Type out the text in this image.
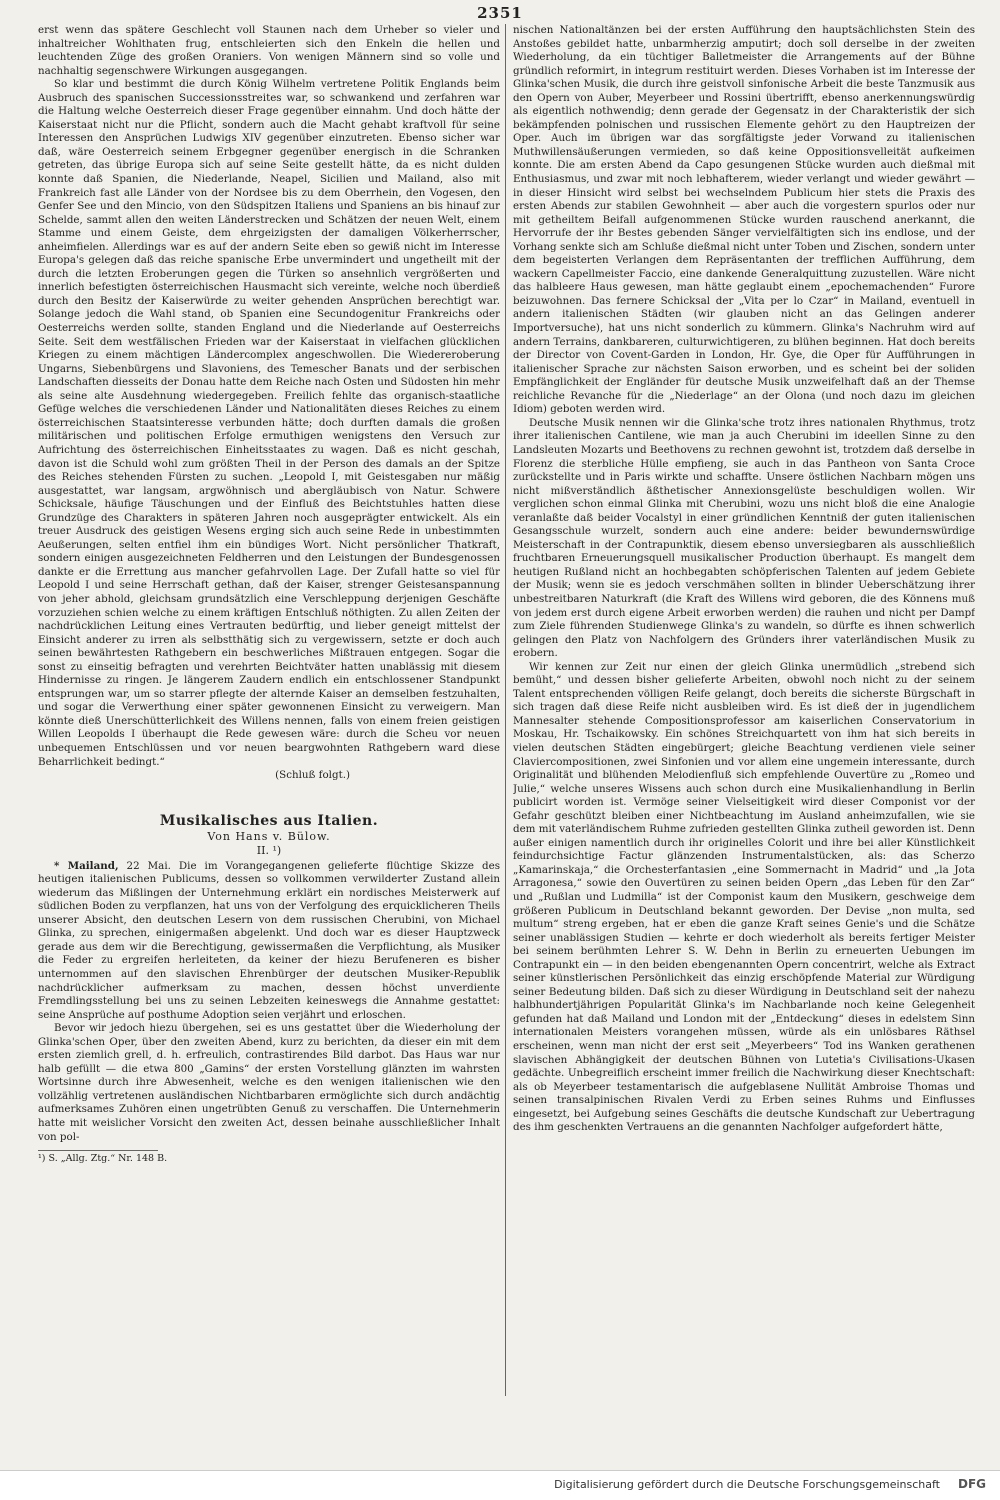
2351

erst wenn das spätere Geschlecht voll Staunen nach dem Urheber so vieler und inhaltreicher Wohlthaten frug, entschleierten sich den Enkeln die hellen und leuchtenden Züge des großen Oraniers. Von wenigen Männern sind so volle und nachhaltig segenschwere Wirkungen ausgegangen.

So klar und bestimmt die durch König Wilhelm vertretene Politik Englands beim Ausbruch des spanischen Successionsstreites war, so schwankend und zerfahren war die Haltung welche Oesterreich dieser Frage gegenüber einnahm. Und doch hätte der Kaiserstaat nicht nur die Pflicht, sondern auch die Macht gehabt kraftvoll für seine Interessen den Ansprüchen Ludwigs XIV gegenüber einzutreten. Ebenso sicher war daß, wäre Oesterreich seinem Erbgegner gegenüber energisch in die Schranken getreten, das übrige Europa sich auf seine Seite gestellt hätte, da es nicht dulden konnte daß Spanien, die Niederlande, Neapel, Sicilien und Mailand, also mit Frankreich fast alle Länder von der Nordsee bis zu dem Oberrhein, den Vogesen, den Genfer See und den Mincio, von den Südspitzen Italiens und Spaniens an bis hinauf zur Schelde, sammt allen den weiten Länderstrecken und Schätzen der neuen Welt, einem Stamme und einem Geiste, dem ehrgeizigsten der damaligen Völkerherrscher, anheimfielen. Allerdings war es auf der andern Seite eben so gewiß nicht im Interesse Europa's gelegen daß das reiche spanische Erbe unvermindert und ungetheilt mit der durch die letzten Eroberungen gegen die Türken so ansehnlich vergrößerten und innerlich befestigten österreichischen Hausmacht sich vereinte, welche noch überdieß durch den Besitz der Kaiserwürde zu weiter gehenden Ansprüchen berechtigt war. Solange jedoch die Wahl stand, ob Spanien eine Secundogenitur Frankreichs oder Oesterreichs werden sollte, standen England und die Niederlande auf Oesterreichs Seite. Seit dem westfälischen Frieden war der Kaiserstaat in vielfachen glücklichen Kriegen zu einem mächtigen Ländercomplex angeschwollen. Die Wiedereroberung Ungarns, Siebenbürgens und Slavoniens, des Temescher Banats und der serbischen Landschaften diesseits der Donau hatte dem Reiche nach Osten und Südosten hin mehr als seine alte Ausdehnung wiedergegeben. Freilich fehlte das organisch-staatliche Gefüge welches die verschiedenen Länder und Nationalitäten dieses Reiches zu einem österreichischen Staatsinteresse verbunden hätte; doch durften damals die großen militärischen und politischen Erfolge ermuthigen wenigstens den Versuch zur Aufrichtung des österreichischen Einheitsstaates zu wagen. Daß es nicht geschah, davon ist die Schuld wohl zum größten Theil in der Person des damals an der Spitze des Reiches stehenden Fürsten zu suchen. „Leopold I, mit Geistesgaben nur mäßig ausgestattet, war langsam, argwöhnisch und abergläubisch von Natur. Schwere Schicksale, häufige Täuschungen und der Einfluß des Beichtstuhles hatten diese Grundzüge des Charakters in späteren Jahren noch ausgeprägter entwickelt. Als ein treuer Ausdruck des geistigen Wesens erging sich auch seine Rede in unbestimmten Aeußerungen, selten entfiel ihm ein bündiges Wort. Nicht persönlicher Thatkraft, sondern einigen ausgezeichneten Feldherren und den Leistungen der Bundesgenossen dankte er die Errettung aus mancher gefahrvollen Lage. Der Zufall hatte so viel für Leopold I und seine Herrschaft gethan, daß der Kaiser, strenger Geistesanspannung von jeher abhold, gleichsam grundsätzlich eine Verschleppung derjenigen Geschäfte vorzuziehen schien welche zu einem kräftigen Entschluß nöthigten. Zu allen Zeiten der nachdrücklichen Leitung eines Vertrauten bedürftig, und lieber geneigt mittelst der Einsicht anderer zu irren als selbstthätig sich zu vergewissern, setzte er doch auch seinen bewährtesten Rathgebern ein beschwerliches Mißtrauen entgegen. Sogar die sonst zu einseitig befragten und verehrten Beichtväter hatten unablässig mit diesem Hindernisse zu ringen. Je längerem Zaudern endlich ein entschlossener Standpunkt entsprungen war, um so starrer pflegte der alternde Kaiser an demselben festzuhalten, und sogar die Verwerthung einer später gewonnenen Einsicht zu verweigern. Man könnte dieß Unerschütterlichkeit des Willens nennen, falls von einem freien geistigen Willen Leopolds I überhaupt die Rede gewesen wäre: durch die Scheu vor neuen unbequemen Entschlüssen und vor neuen beargwohnten Rathgebern ward diese Beharrlichkeit bedingt.“

(Schluß folgt.)

Musikalisches aus Italien.
Von Hans v. Bülow.
II. ¹)

* Mailand, 22 Mai. Die im Vorangegangenen gelieferte flüchtige Skizze des heutigen italienischen Publicums, dessen so vollkommen verwilderter Zustand allein wiederum das Mißlingen der Unternehmung erklärt ein nordisches Meisterwerk auf südlichen Boden zu verpflanzen, hat uns von der Verfolgung des erquicklicheren Theils unserer Absicht, den deutschen Lesern von dem russischen Cherubini, von Michael Glinka, zu sprechen, einigermaßen abgelenkt. Und doch war es dieser Hauptzweck gerade aus dem wir die Berechtigung, gewissermaßen die Verpflichtung, als Musiker die Feder zu ergreifen herleiteten, da keiner der hiezu Berufeneren es bisher unternommen auf den slavischen Ehrenbürger der deutschen Musiker-Republik nachdrücklicher aufmerksam zu machen, dessen höchst unverdiente Fremdlingsstellung bei uns zu seinen Lebzeiten keineswegs die Annahme gestattet: seine Ansprüche auf posthume Adoption seien verjährt und erloschen.

Bevor wir jedoch hiezu übergehen, sei es uns gestattet über die Wiederholung der Glinka'schen Oper, über den zweiten Abend, kurz zu berichten, da dieser ein mit dem ersten ziemlich grell, d. h. erfreulich, contrastirendes Bild darbot. Das Haus war nur halb gefüllt — die etwa 800 „Gamins“ der ersten Vorstellung glänzten im wahrsten Wortsinne durch ihre Abwesenheit, welche es den wenigen italienischen wie den vollzählig vertretenen ausländischen Nichtbarbaren ermöglichte sich durch andächtig aufmerksames Zuhören einen ungetrübten Genuß zu verschaffen. Die Unternehmerin hatte mit weislicher Vorsicht den zweiten Act, dessen beinahe ausschließlicher Inhalt von pol-

¹) S. „Allg. Ztg.“ Nr. 148 B.

nischen Nationaltänzen bei der ersten Aufführung den hauptsächlichsten Stein des Anstoßes gebildet hatte, unbarmherzig amputirt; doch soll derselbe in der zweiten Wiederholung, da ein tüchtiger Balletmeister die Arrangements auf der Bühne gründlich reformirt, in integrum restituirt werden. Dieses Vorhaben ist im Interesse der Glinka'schen Musik, die durch ihre geistvoll sinfonische Arbeit die beste Tanzmusik aus den Opern von Auber, Meyerbeer und Rossini übertrifft, ebenso anerkennungswürdig als eigentlich nothwendig; denn gerade der Gegensatz in der Charakteristik der sich bekämpfenden polnischen und russischen Elemente gehört zu den Hauptreizen der Oper. Auch im übrigen war das sorgfältigste jeder Vorwand zu italienischen Muthwillensäußerungen vermieden, so daß keine Oppositionsvelleität aufkeimen konnte. Die am ersten Abend da Capo gesungenen Stücke wurden auch dießmal mit Enthusiasmus, und zwar mit noch lebhafterem, wieder verlangt und wieder gewährt — in dieser Hinsicht wird selbst bei wechselndem Publicum hier stets die Praxis des ersten Abends zur stabilen Gewohnheit — aber auch die vorgestern spurlos oder nur mit getheiltem Beifall aufgenommenen Stücke wurden rauschend anerkannt, die Hervorrufe der ihr Bestes gebenden Sänger vervielfältigten sich ins endlose, und der Vorhang senkte sich am Schluße dießmal nicht unter Toben und Zischen, sondern unter dem begeisterten Verlangen dem Repräsentanten der trefflichen Aufführung, dem wackern Capellmeister Faccio, eine dankende Generalquittung zuzustellen. Wäre nicht das halbleere Haus gewesen, man hätte geglaubt einem „epochemachenden“ Furore beizuwohnen. Das fernere Schicksal der „Vita per lo Czar“ in Mailand, eventuell in andern italienischen Städten (wir glauben nicht an das Gelingen anderer Importversuche), hat uns nicht sonderlich zu kümmern. Glinka's Nachruhm wird auf andern Terrains, dankbareren, culturwichtigeren, zu blühen beginnen. Hat doch bereits der Director von Covent-Garden in London, Hr. Gye, die Oper für Aufführungen in italienischer Sprache zur nächsten Saison erworben, und es scheint bei der soliden Empfänglichkeit der Engländer für deutsche Musik unzweifelhaft daß an der Themse reichliche Revanche für die „Niederlage“ an der Olona (und noch dazu im gleichen Idiom) geboten werden wird.

Deutsche Musik nennen wir die Glinka'sche trotz ihres nationalen Rhythmus, trotz ihrer italienischen Cantilene, wie man ja auch Cherubini im ideellen Sinne zu den Landsleuten Mozarts und Beethovens zu rechnen gewohnt ist, trotzdem daß derselbe in Florenz die sterbliche Hülle empfieng, sie auch in das Pantheon von Santa Croce zurückstellte und in Paris wirkte und schaffte. Unsere östlichen Nachbarn mögen uns nicht mißverständlich äßthetischer Annexionsgelüste beschuldigen wollen. Wir verglichen schon einmal Glinka mit Cherubini, wozu uns nicht bloß die eine Analogie veranlaßte daß beider Vocalstyl in einer gründlichen Kenntniß der guten italienischen Gesangsschule wurzelt, sondern auch eine andere: beider bewundernswürdige Meisterschaft in der Contrapunktik, diesem ebenso unversiegbaren als ausschließlich fruchtbaren Erneuerungsquell musikalischer Production überhaupt. Es mangelt dem heutigen Rußland nicht an hochbegabten schöpferischen Talenten auf jedem Gebiete der Musik; wenn sie es jedoch verschmähen sollten in blinder Ueberschätzung ihrer unbestreitbaren Naturkraft (die Kraft des Willens wird geboren, die des Könnens muß von jedem erst durch eigene Arbeit erworben werden) die rauhen und nicht per Dampf zum Ziele führenden Studienwege Glinka's zu wandeln, so dürfte es ihnen schwerlich gelingen den Platz von Nachfolgern des Gründers ihrer vaterländischen Musik zu erobern.

Wir kennen zur Zeit nur einen der gleich Glinka unermüdlich „strebend sich bemüht,“ und dessen bisher gelieferte Arbeiten, obwohl noch nicht zu der seinem Talent entsprechenden völligen Reife gelangt, doch bereits die sicherste Bürgschaft in sich tragen daß diese Reife nicht ausbleiben wird. Es ist dieß der in jugendlichem Mannesalter stehende Compositionsprofessor am kaiserlichen Conservatorium in Moskau, Hr. Tschaikowsky. Ein schönes Streichquartett von ihm hat sich bereits in vielen deutschen Städten eingebürgert; gleiche Beachtung verdienen viele seiner Claviercompositionen, zwei Sinfonien und vor allem eine ungemein interessante, durch Originalität und blühenden Melodienfluß sich empfehlende Ouvertüre zu „Romeo und Julie,“ welche unseres Wissens auch schon durch eine Musikalienhandlung in Berlin publicirt worden ist. Vermöge seiner Vielseitigkeit wird dieser Componist vor der Gefahr geschützt bleiben einer Nichtbeachtung im Ausland anheimzufallen, wie sie dem mit vaterländischem Ruhme zufrieden gestellten Glinka zutheil geworden ist. Denn außer einigen namentlich durch ihr originelles Colorit und ihre bei aller Künstlichkeit feindurchsichtige Factur glänzenden Instrumentalstücken, als: das Scherzo „Kamarinskaja,“ die Orchesterfantasien „eine Sommernacht in Madrid“ und „la Jota Arragonesa,“ sowie den Ouvertüren zu seinen beiden Opern „das Leben für den Zar“ und „Rußlan und Ludmilla“ ist der Componist kaum den Musikern, geschweige dem größeren Publicum in Deutschland bekannt geworden. Der Devise „non multa, sed multum“ streng ergeben, hat er eben die ganze Kraft seines Genie's und die Schätze seiner unablässigen Studien — kehrte er doch wiederholt als bereits fertiger Meister bei seinem berühmten Lehrer S. W. Dehn in Berlin zu erneuerten Uebungen im Contrapunkt ein — in den beiden ebengenannten Opern concentrirt, welche als Extract seiner künstlerischen Persönlichkeit das einzig erschöpfende Material zur Würdigung seiner Bedeutung bilden. Daß sich zu dieser Würdigung in Deutschland seit der nahezu halbhundertjährigen Popularität Glinka's im Nachbarlande noch keine Gelegenheit gefunden hat daß Mailand und London mit der „Entdeckung“ dieses in edelstem Sinn internationalen Meisters vorangehen müssen, würde als ein unlösbares Räthsel erscheinen, wenn man nicht der erst seit „Meyerbeers“ Tod ins Wanken gerathenen slavischen Abhängigkeit der deutschen Bühnen von Lutetia's Civilisations-Ukasen gedächte. Unbegreiflich erscheint immer freilich die Nachwirkung dieser Knechtschaft: als ob Meyerbeer testamentarisch die aufgeblasene Nullität Ambroise Thomas und seinen transalpinischen Rivalen Verdi zu Erben seines Ruhms und Einflusses eingesetzt, bei Aufgebung seines Geschäfts die deutsche Kundschaft zur Uebertragung des ihm geschenkten Vertrauens an die genannten Nachfolger aufgefordert hätte,

Digitalisierung gefördert durch die Deutsche Forschungsgemeinschaft DFG
